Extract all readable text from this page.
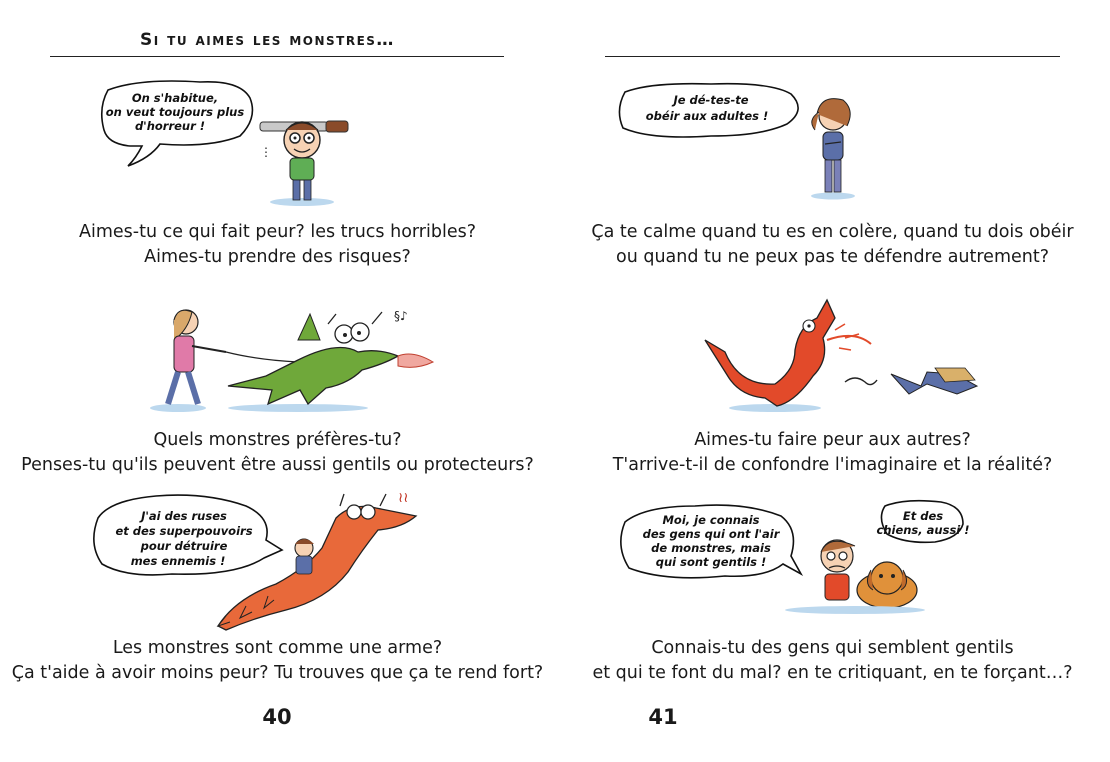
Si tu aimes les monstres…
On s'habitue,
on veut toujours plus
d'horreur !
⋮

Aimes-tu ce qui fait peur? les trucs horribles?

Aimes-tu prendre des risques?

§♪

Quels monstres préfères-tu?

Penses-tu qu'ils peuvent être aussi gentils ou protecteurs?

J'ai des ruses
et des superpouvoirs
pour détruire
mes ennemis !
≀≀

Les monstres sont comme une arme?

Ça t'aide à avoir moins peur? Tu trouves que ça te rend fort?

40
Je dé-tes-te
obéir aux adultes !

Ça te calme quand tu es en colère, quand tu dois obéir

ou quand tu ne peux pas te défendre autrement?

Aimes-tu faire peur aux autres?

T'arrive-t-il de confondre l'imaginaire et la réalité?

Moi, je connais
des gens qui ont l'air
de monstres, mais
qui sont gentils !
Et des
chiens, aussi !

Connais-tu des gens qui semblent gentils

et qui te font du mal? en te critiquant, en te forçant…?

41
